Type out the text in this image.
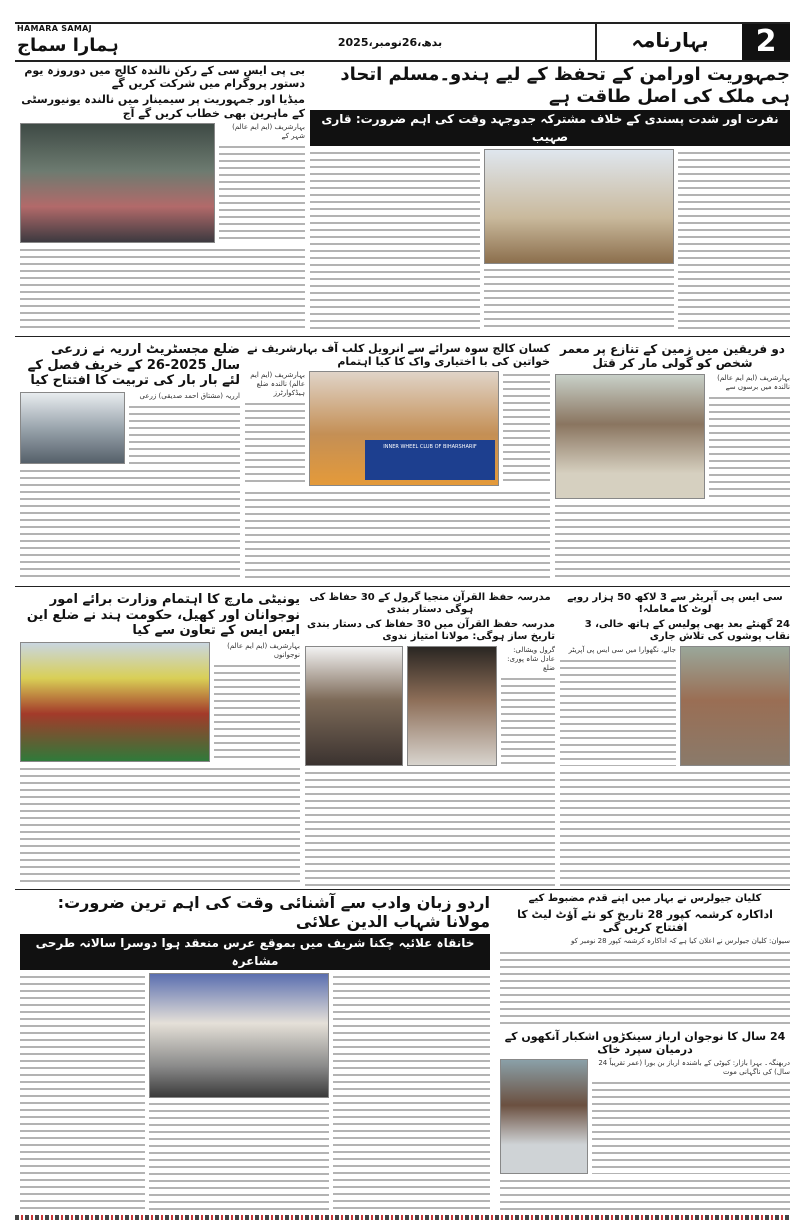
HAMARA SAMAJ
ہمارا سماج	بدھ،26نومبر،2025	بہارنامہ	2
جمہوریت اورامن کے تحفظ کے لیے ہندو۔مسلم اتحاد ہی ملک کی اصل طاقت ہے
نفرت اور شدت پسندی کے خلاف مشترکہ جدوجہد وقت کی اہم ضرورت: قاری صہیب
بی پی ایس سی کے رکن نالندہ کالج میں دوروزہ یوم دستور پروگرام میں شرکت کریں گے
میڈیا اور جمہوریت پر سیمینار میں نالندہ یونیورسٹی کے ماہرین بھی خطاب کریں گے آج
بہارشریف (ایم ایم عالم) شہر کے
ضلع مجسٹریٹ ارریہ نے زرعی سال 2025-26 کے خریف فصل کے لئے بار بار کی تربیت کا افتتاح کیا
ارریہ (مشتاق احمد صدیقی) زرعی
کسان کالج سوہ سرائے سے انرویل کلب آف بہارشریف نے خواتین کی با اختیاری واک کا کیا اہتمام
بہارشریف (ایم ایم عالم) نالندہ ضلع ہیڈکوارٹرز
INNER WHEEL CLUB OF BIHARSHARIF
دو فریقین میں زمین کے تنازع پر معمر شخص کو گولی مار کر قتل
بہارشریف (ایم ایم عالم) نالندہ میں برسوں سے
یونیٹی مارچ کا اہتمام وزارت برائے امور نوجوانان اور کھیل، حکومت ہند نے ضلع این ایس ایس کے تعاون سے کیا
بہارشریف (ایم ایم عالم) نوجوانوں
مدرسہ حفظ القرآن منجیا گرول کے 30 حفاظ کی ہوگی دستار بندی
مدرسہ حفظ القرآن میں 30 حفاظ کی دستار بندی تاریخ ساز ہوگی: مولانا امتیاز ندوی
گرول ویشالی: عادل شاہ پوری: ضلع
سی ایس پی آپریٹر سے 3 لاکھ 50 ہزار روپے لوٹ کا معاملہ!
24 گھنٹے بعد بھی پولیس کے ہاتھ خالی، 3 نقاب پوشوں کی تلاش جاری
جالے، نگھوارا میں سی ایس پی آپریٹر
اردو زبان وادب سے آشنائی وقت کی اہم ترین ضرورت: مولانا شہاب الدین علائی
خانقاہ علائیہ چکنا شریف میں بموقع عرس منعقد ہوا دوسرا سالانہ طرحی مشاعرہ
کلیان جیولرس نے بہار میں اپنے قدم مضبوط کیے
اداکارہ کرشمہ کپور 28 تاریخ کو نئے آؤٹ لیٹ کا افتتاح کریں گی
سیوان: کلیان جیولرس نے اعلان کیا ہے کہ اداکارہ کرشمہ کپور 28 نومبر کو
24 سال کا نوجوان ارباز سینکڑوں اشکبار آنکھوں کے درمیان سپرد خاک
دربھنگہ۔ بہرا بازار: کیوٹی کے باشندہ ارباز بن بورا (عمر تقریباً 24 سال) کی ناگہانی موت
